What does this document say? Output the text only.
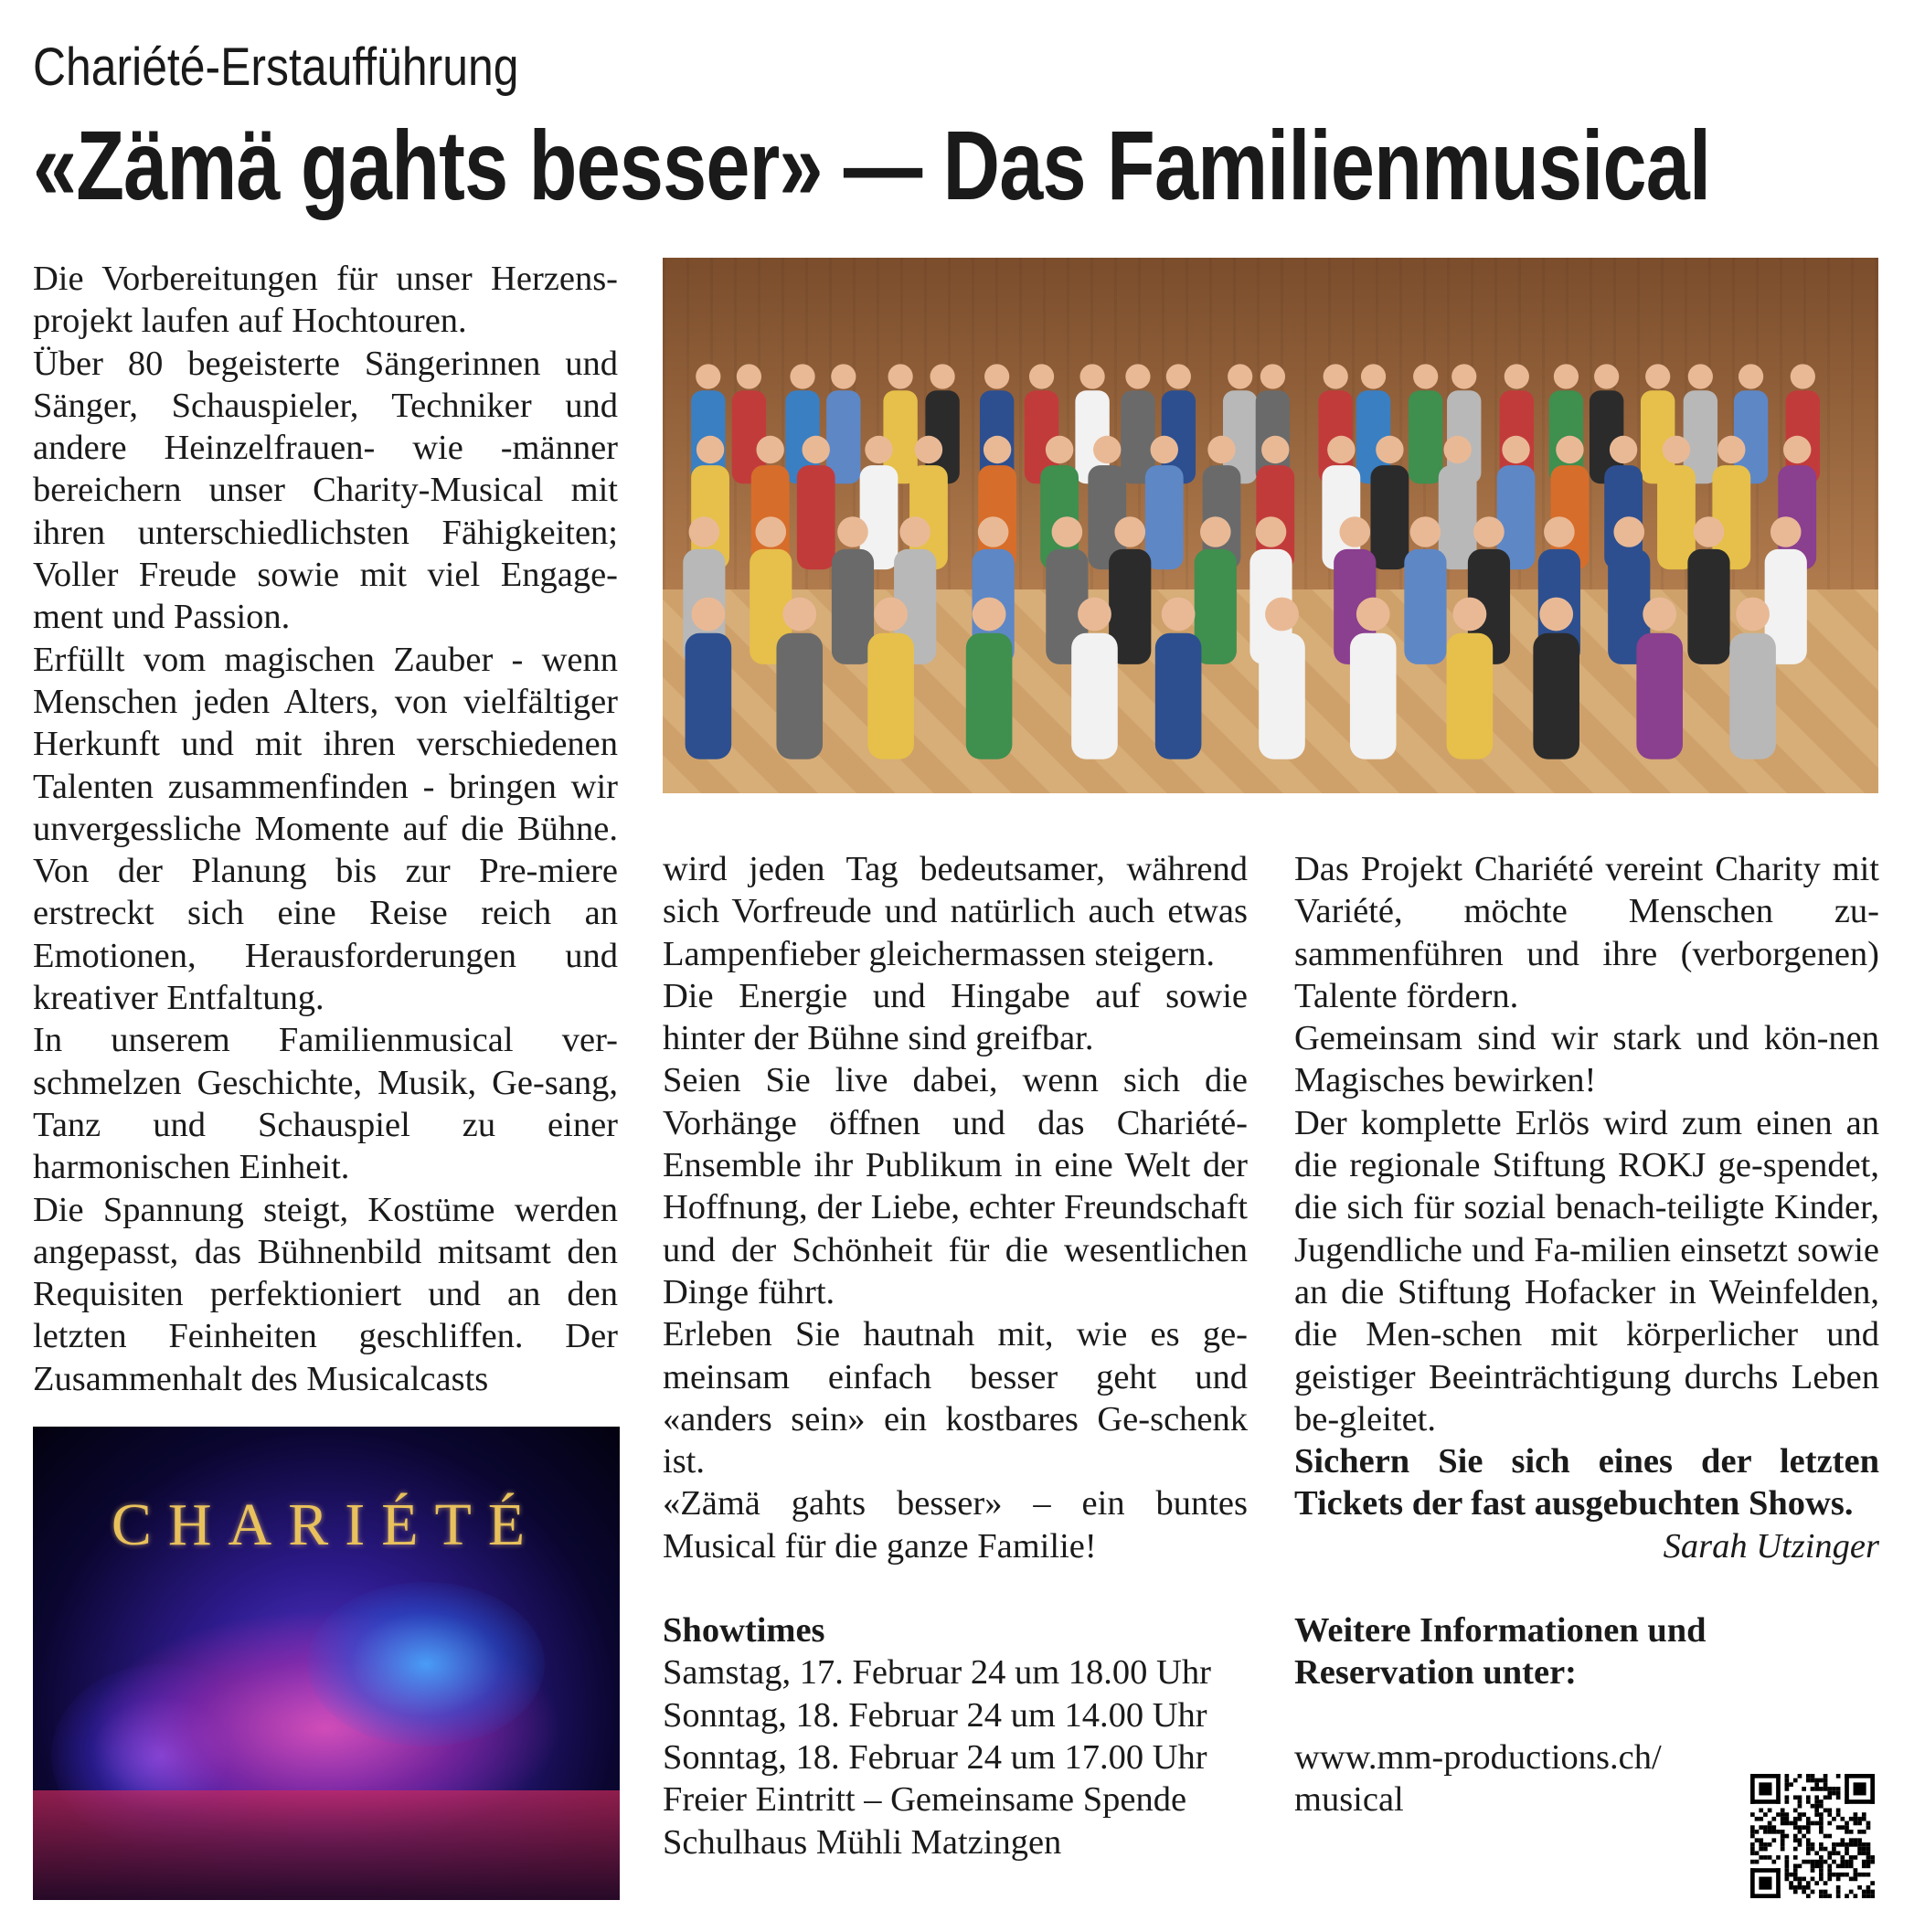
Chariété-Erstaufführung
«Zämä gahts besser» — Das Familienmusical

Die Vorbereitungen für unser Herzens-projekt laufen auf Hochtouren.

Über 80 begeisterte Sängerinnen und Sänger, Schauspieler, Techniker und andere Heinzelfrauen- wie -männer bereichern unser Charity-Musical mit ihren unterschiedlichsten Fähigkeiten; Voller Freude sowie mit viel Engage-ment und Passion.

Erfüllt vom magischen Zauber - wenn Menschen jeden Alters, von vielfältiger Herkunft und mit ihren verschiedenen Talenten zusammenfinden - bringen wir unvergessliche Momente auf die Bühne. Von der Planung bis zur Pre-miere erstreckt sich eine Reise reich an Emotionen, Herausforderungen und kreativer Entfaltung.

In unserem Familienmusical ver-schmelzen Geschichte, Musik, Ge-sang, Tanz und Schauspiel zu einer harmonischen Einheit.

Die Spannung steigt, Kostüme werden angepasst, das Bühnenbild mitsamt den Requisiten perfektioniert und an den letzten Feinheiten geschliffen. Der Zusammenhalt des Musicalcasts

wird jeden Tag bedeutsamer, während sich Vorfreude und natürlich auch etwas Lampenfieber gleichermassen steigern.

Die Energie und Hingabe auf sowie hinter der Bühne sind greifbar.

Seien Sie live dabei, wenn sich die Vorhänge öffnen und das Chariété-Ensemble ihr Publikum in eine Welt der Hoffnung, der Liebe, echter Freundschaft und der Schönheit für die wesentlichen Dinge führt.

Erleben Sie hautnah mit, wie es ge-meinsam einfach besser geht und «anders sein» ein kostbares Ge-schenk ist.

«Zämä gahts besser» – ein buntes Musical für die ganze Familie!

Showtimes
Samstag, 17. Februar 24 um 18.00 Uhr
Sonntag, 18. Februar 24 um 14.00 Uhr
Sonntag, 18. Februar 24 um 17.00 Uhr
Freier Eintritt – Gemeinsame Spende
Schulhaus Mühli Matzingen

Das Projekt Chariété vereint Charity mit Variété, möchte Menschen zu-sammenführen und ihre (verborgenen) Talente fördern.

Gemeinsam sind wir stark und kön-nen Magisches bewirken!

Der komplette Erlös wird zum einen an die regionale Stiftung ROKJ ge-spendet, die sich für sozial benach-teiligte Kinder, Jugendliche und Fa-milien einsetzt sowie an die Stiftung Hofacker in Weinfelden, die Men-schen mit körperlicher und geistiger Beeinträchtigung durchs Leben be-gleitet.

Sichern Sie sich eines der letzten Tickets der fast ausgebuchten Shows.

Sarah Utzinger

Weitere Informationen und Reservation unter:
www.mm-productions.ch/
musical
CHARIÉTÉ
